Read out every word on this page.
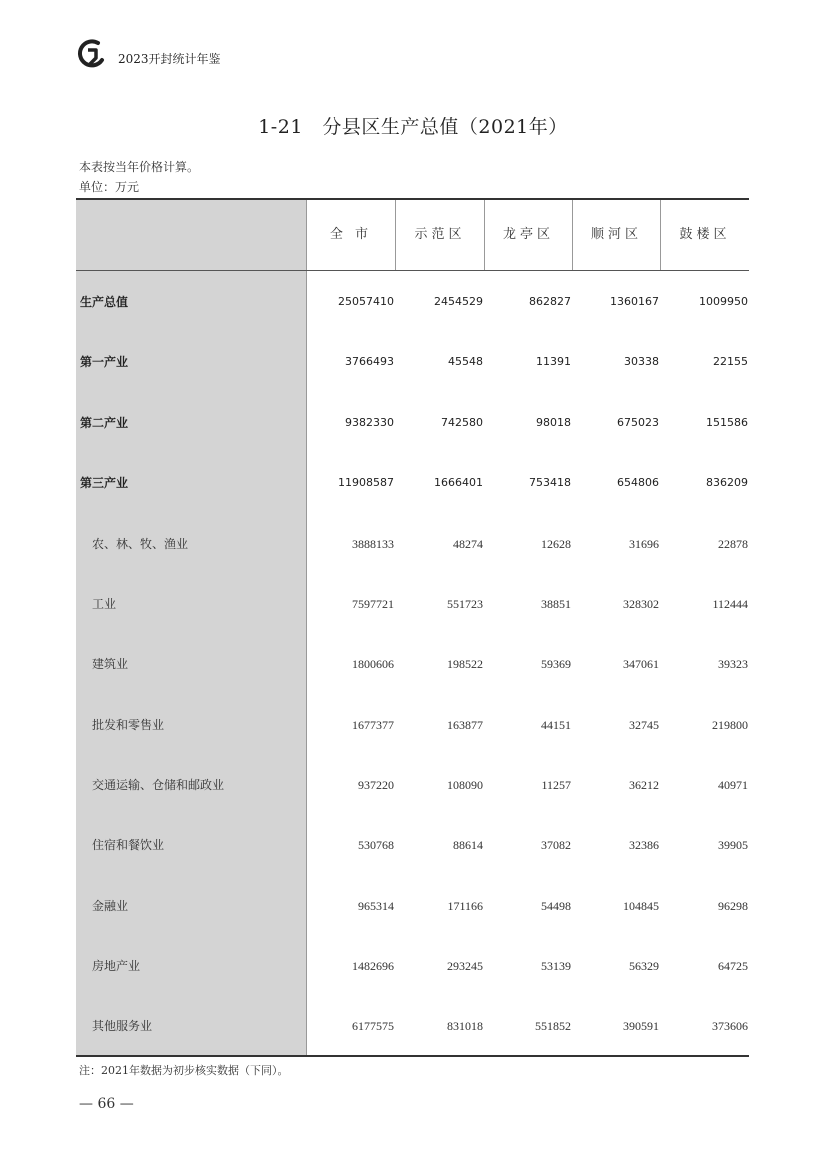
2023开封统计年鉴
1-21　分县区生产总值（2021年）
本表按当年价格计算。
单位：万元
全 市	示范区	龙亭区	顺河区	鼓楼区
生产总值	25057410	2454529	862827	1360167	1009950
第一产业	3766493	45548	11391	30338	22155
第二产业	9382330	742580	98018	675023	151586
第三产业	11908587	1666401	753418	654806	836209
农、林、牧、渔业	3888133	48274	12628	31696	22878
工业	7597721	551723	38851	328302	112444
建筑业	1800606	198522	59369	347061	39323
批发和零售业	1677377	163877	44151	32745	219800
交通运输、仓储和邮政业	937220	108090	11257	36212	40971
住宿和餐饮业	530768	88614	37082	32386	39905
金融业	965314	171166	54498	104845	96298
房地产业	1482696	293245	53139	56329	64725
其他服务业	6177575	831018	551852	390591	373606
注：2021年数据为初步核实数据（下同）。
— 66 —
